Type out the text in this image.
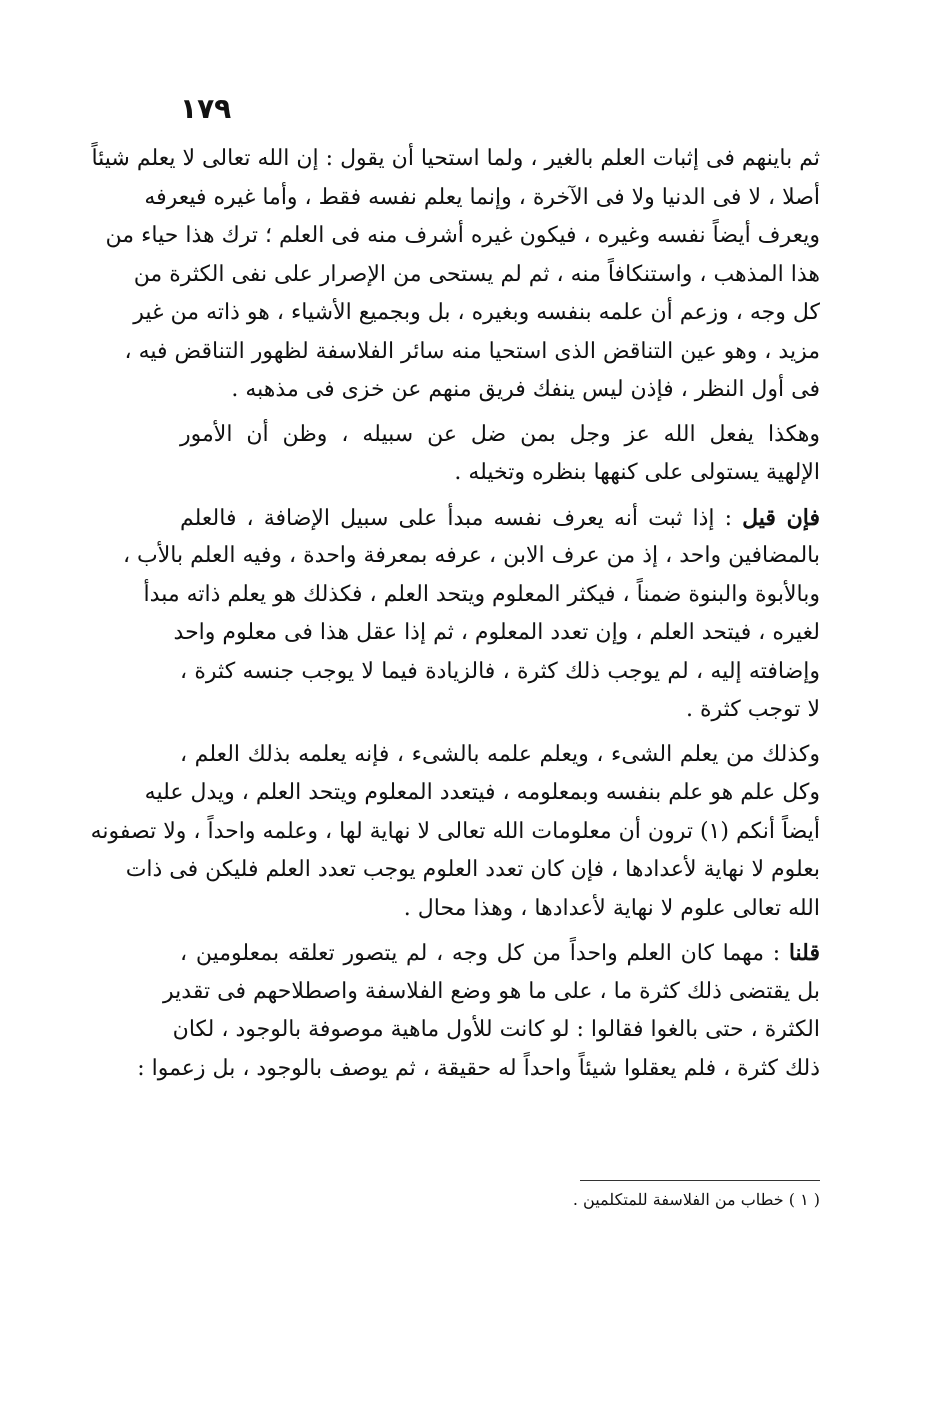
١٧٩
ثم باينهم فى إثبات العلم بالغير ، ولما استحيا أن يقول : إن الله تعالى لا يعلم شيئاً
أصلا ، لا فى الدنيا ولا فى الآخرة ، وإنما يعلم نفسه فقط ، وأما غيره فيعرفه
ويعرف أيضاً نفسه وغيره ، فيكون غيره أشرف منه فى العلم ؛ ترك هذا حياء من
هذا المذهب ، واستنكافاً منه ، ثم لم يستحى من الإصرار على نفى الكثرة من
كل وجه ، وزعم أن علمه بنفسه وبغيره ، بل وبجميع الأشياء ، هو ذاته من غير
مزيد ، وهو عين التناقض الذى استحيا منه سائر الفلاسفة لظهور التناقض فيه ،
فى أول النظر ، فإذن ليس ينفك فريق منهم عن خزى فى مذهبه .
وهكذا يفعل الله عز وجل بمن ضل عن سبيله ، وظن أن الأمور
الإلهية يستولى على كنهها بنظره وتخيله .
فإن قيل : إذا ثبت أنه يعرف نفسه مبدأ على سبيل الإضافة ، فالعلم
بالمضافين واحد ، إذ من عرف الابن ، عرفه بمعرفة واحدة ، وفيه العلم بالأب ،
وبالأبوة والبنوة ضمناً ، فيكثر المعلوم ويتحد العلم ، فكذلك هو يعلم ذاته مبدأ
لغيره ، فيتحد العلم ، وإن تعدد المعلوم ، ثم إذا عقل هذا فى معلوم واحد
وإضافته إليه ، لم يوجب ذلك كثرة ، فالزيادة فيما لا يوجب جنسه كثرة ،
لا توجب كثرة .
وكذلك من يعلم الشىء ، ويعلم علمه بالشىء ، فإنه يعلمه بذلك العلم ،
وكل علم هو علم بنفسه وبمعلومه ، فيتعدد المعلوم ويتحد العلم ، ويدل عليه
أيضاً أنكم (١) ترون أن معلومات الله تعالى لا نهاية لها ، وعلمه واحداً ، ولا تصفونه
بعلوم لا نهاية لأعدادها ، فإن كان تعدد العلوم يوجب تعدد العلم فليكن فى ذات
الله تعالى علوم لا نهاية لأعدادها ، وهذا محال .
قلنا : مهما كان العلم واحداً من كل وجه ، لم يتصور تعلقه بمعلومين ،
بل يقتضى ذلك كثرة ما ، على ما هو وضع الفلاسفة واصطلاحهم فى تقدير
الكثرة ، حتى بالغوا فقالوا : لو كانت للأول ماهية موصوفة بالوجود ، لكان
ذلك كثرة ، فلم يعقلوا شيئاً واحداً له حقيقة ، ثم يوصف بالوجود ، بل زعموا :
( ١ ) خطاب من الفلاسفة للمتكلمين .
